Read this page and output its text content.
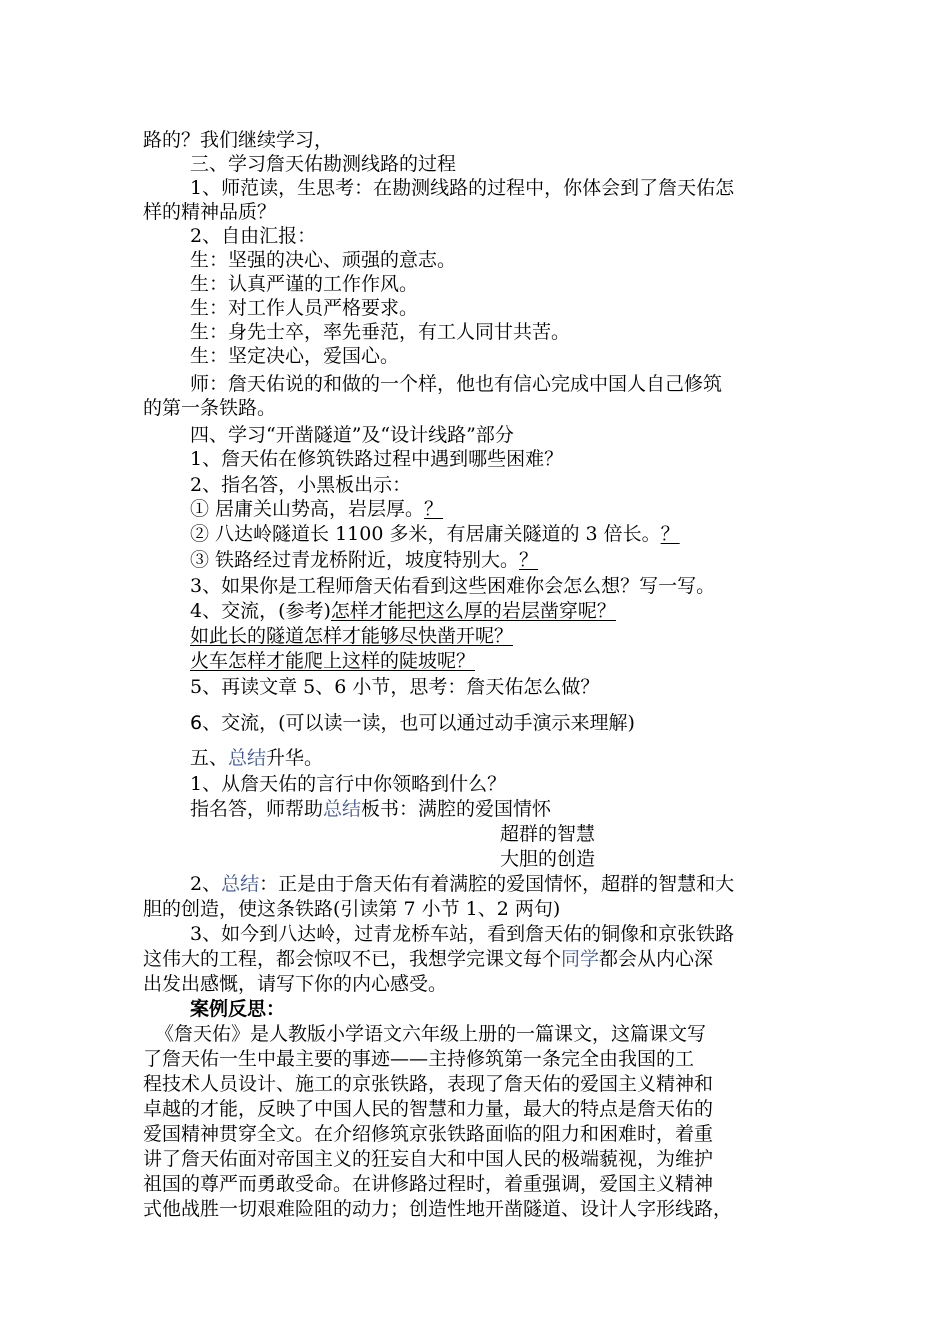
路的？我们继续学习，
三、学习詹天佑勘测线路的过程
1、师范读，生思考：在勘测线路的过程中，你体会到了詹天佑怎
样的精神品质？
2、自由汇报：
生：坚强的决心、顽强的意志。
生：认真严谨的工作作风。
生：对工作人员严格要求。
生：身先士卒，率先垂范，有工人同甘共苦。
生：坚定决心，爱国心。
师：詹天佑说的和做的一个样，他也有信心完成中国人自己修筑
的第一条铁路。
四、学习“开凿隧道”及“设计线路”部分
1、詹天佑在修筑铁路过程中遇到哪些困难？
2、指名答，小黑板出示：
① 居庸关山势高，岩层厚。？
② 八达岭隧道长 1100 多米，有居庸关隧道的 3 倍长。？
③ 铁路经过青龙桥附近，坡度特别大。？
3、如果你是工程师詹天佑看到这些困难你会怎么想？写一写。
4、交流，(参考)怎样才能把这么厚的岩层凿穿呢？
如此长的隧道怎样才能够尽快凿开呢？
火车怎样才能爬上这样的陡坡呢？
5、再读文章 5、6 小节，思考：詹天佑怎么做？
6、交流，(可以读一读，也可以通过动手演示来理解)
五、总结升华。
1、从詹天佑的言行中你领略到什么？
指名答，师帮助总结板书：满腔的爱国情怀
超群的智慧
大胆的创造
2、总结：正是由于詹天佑有着满腔的爱国情怀，超群的智慧和大
胆的创造，使这条铁路(引读第 7 小节 1、2 两句)
3、如今到八达岭，过青龙桥车站，看到詹天佑的铜像和京张铁路
这伟大的工程，都会惊叹不已，我想学完课文每个同学都会从内心深
出发出感慨，请写下你的内心感受。
案例反思：
《詹天佑》是人教版小学语文六年级上册的一篇课文，这篇课文写
了詹天佑一生中最主要的事迹——主持修筑第一条完全由我国的工
程技术人员设计、施工的京张铁路，表现了詹天佑的爱国主义精神和
卓越的才能，反映了中国人民的智慧和力量，最大的特点是詹天佑的
爱国精神贯穿全文。在介绍修筑京张铁路面临的阻力和困难时，着重
讲了詹天佑面对帝国主义的狂妄自大和中国人民的极端藐视，为维护
祖国的尊严而勇敢受命。在讲修路过程时，着重强调，爱国主义精神
式他战胜一切艰难险阻的动力；创造性地开凿隧道、设计人字形线路，
